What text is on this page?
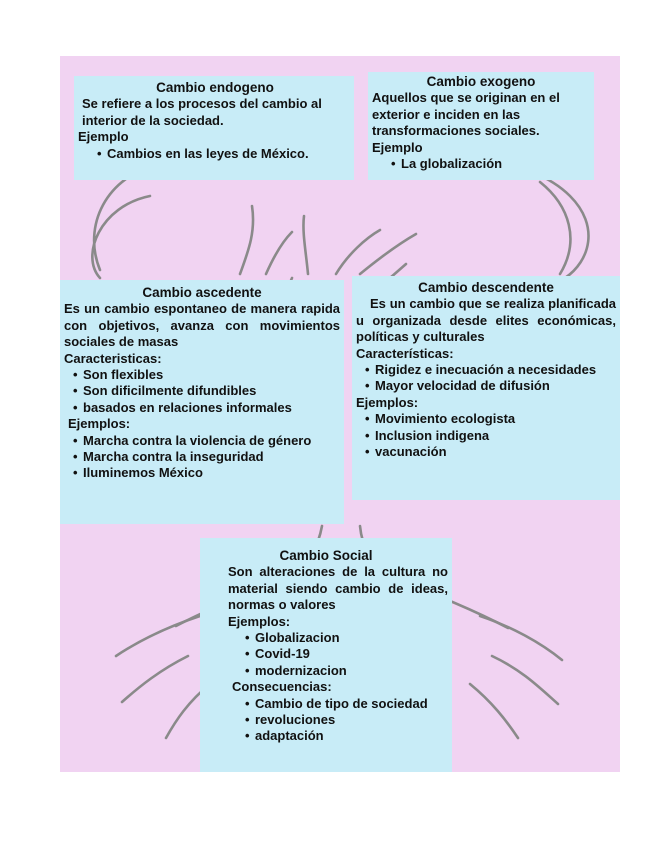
Cambio endogeno

Se refiere a los procesos del cambio al interior de la sociedad.

Ejemplo

• Cambios en las leyes de México.
Cambio exogeno

Aquellos que se originan en el exterior e inciden en las transformaciones sociales.

Ejemplo

• La globalización
Cambio ascedente

Es un cambio espontaneo de manera rapida con objetivos, avanza con movimientos sociales de masas

Caracteristicas:

• Son flexibles
• Son dificilmente difundibles
• basados en relaciones informales

Ejemplos:

• Marcha contra la violencia de género
• Marcha contra la inseguridad
• Iluminemos México
Cambio descendente

Es un cambio que se realiza planificada u organizada desde elites económicas, políticas y culturales

Características:

• Rigidez e inecuación a necesidades
• Mayor velocidad de difusión

Ejemplos:

• Movimiento ecologista
• Inclusion indigena
• vacunación
Cambio Social

Son alteraciones de la cultura no material siendo cambio de ideas, normas o valores

Ejemplos:

• Globalizacion
• Covid-19
• modernizacion

Consecuencias:

• Cambio de tipo de sociedad
• revoluciones
• adaptación
